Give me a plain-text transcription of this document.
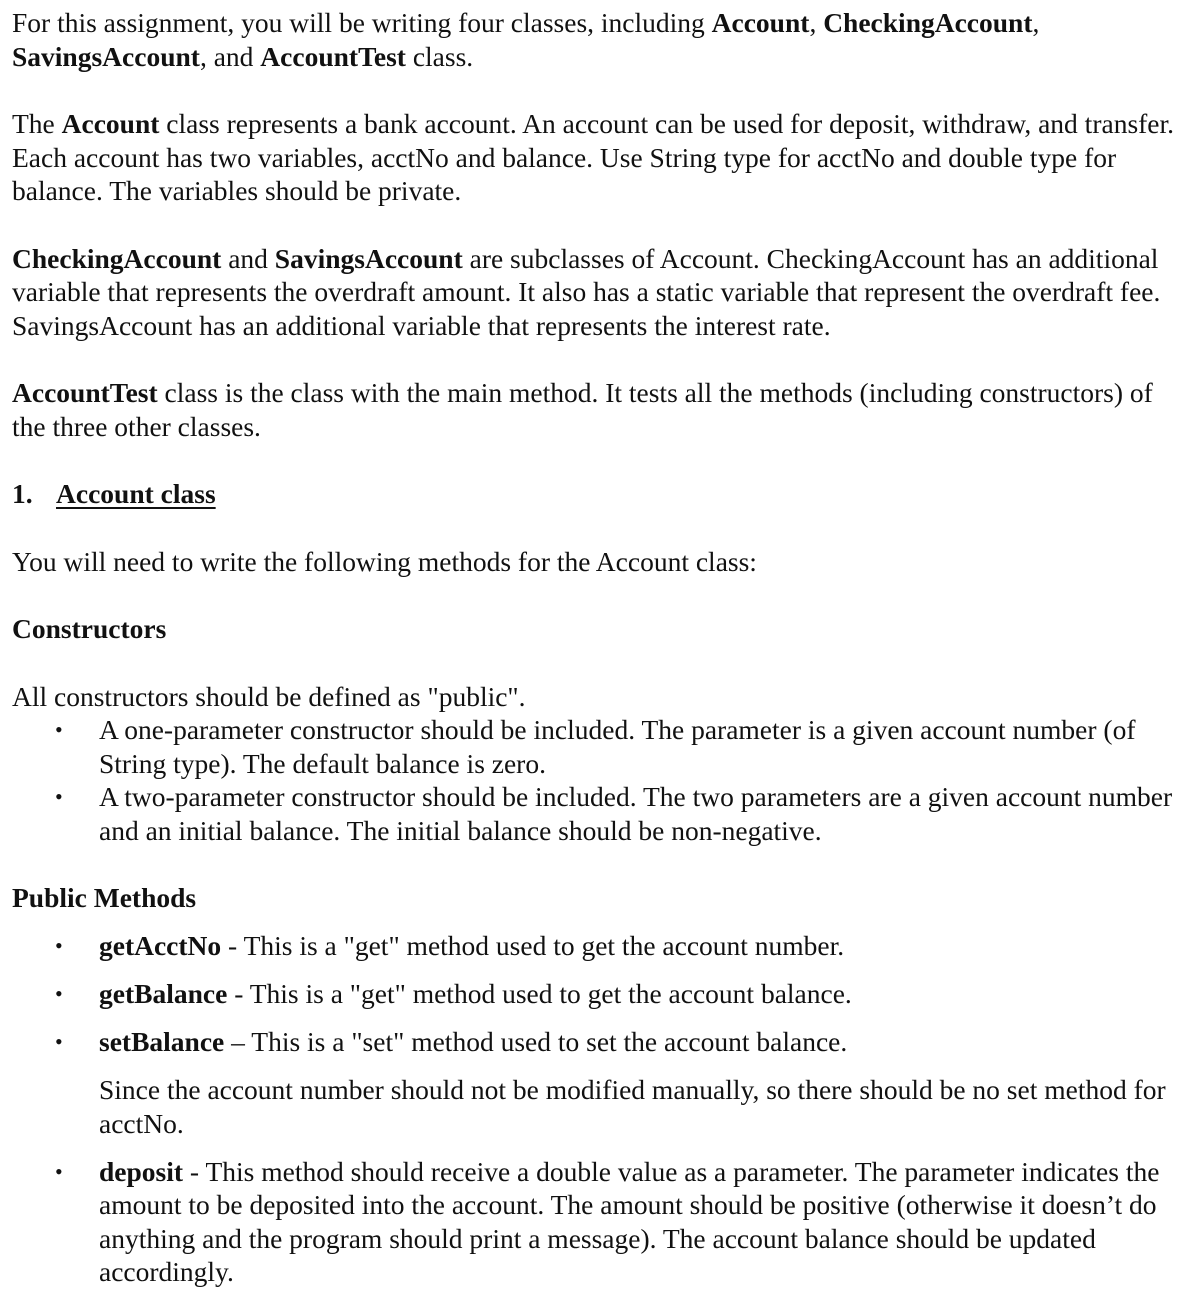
For this assignment, you will be writing four classes, including Account, CheckingAccount, SavingsAccount, and AccountTest class.

The Account class represents a bank account. An account can be used for deposit, withdraw, and transfer. Each account has two variables, acctNo and balance. Use String type for acctNo and double type for balance. The variables should be private.

CheckingAccount and SavingsAccount are subclasses of Account. CheckingAccount has an additional variable that represents the overdraft amount. It also has a static variable that represent the overdraft fee. SavingsAccount has an additional variable that represents the interest rate.

AccountTest class is the class with the main method. It tests all the methods (including constructors) of the three other classes.

1. Account class

You will need to write the following methods for the Account class:

Constructors

All constructors should be defined as "public".

• A one-parameter constructor should be included. The parameter is a given account number (of String type). The default balance is zero.
• A two-parameter constructor should be included. The two parameters are a given account number and an initial balance. The initial balance should be non-negative.

Public Methods

• getAcctNo - This is a "get" method used to get the account number.
• getBalance - This is a "get" method used to get the account balance.
• setBalance – This is a "set" method used to set the account balance.

Since the account number should not be modified manually, so there should be no set method for acctNo.

• deposit - This method should receive a double value as a parameter. The parameter indicates the amount to be deposited into the account. The amount should be positive (otherwise it doesn’t do anything and the program should print a message). The account balance should be updated accordingly.
